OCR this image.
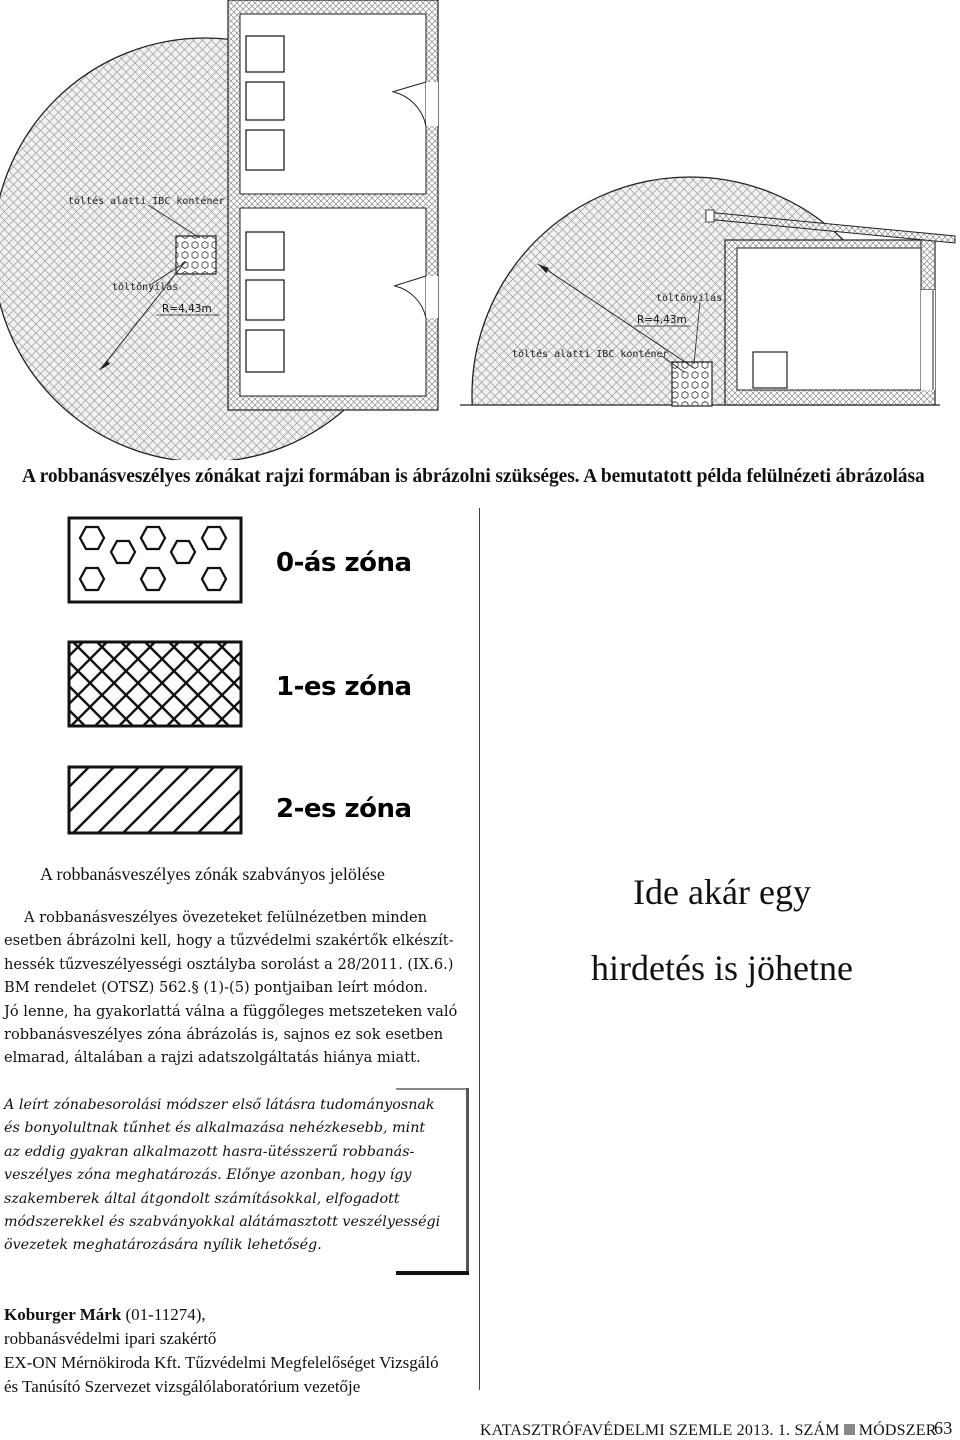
töltés alatti IBC konténer
töltőnyílás
R=4,43m
töltőnyílás
R=4,43m
töltés alatti IBC konténer
A robbanásveszélyes zónákat rajzi formában is ábrázolni szükséges. A bemutatott példa felülnézeti ábrázolása
0-ás zóna
1-es zóna
2-es zóna
A robbanásveszélyes zónák szabványos jelölése
A robbanásveszélyes övezeteket felülnézetben minden
esetben ábrázolni kell, hogy a tűzvédelmi szakértők elkészít-
hessék tűzveszélyességi osztályba sorolást a 28/2011. (IX.6.)
BM rendelet (OTSZ) 562.§ (1)-(5) pontjaiban leírt módon.
Jó lenne, ha gyakorlattá válna a függőleges metszeteken való
robbanásveszélyes zóna ábrázolás is, sajnos ez sok esetben
elmarad, általában a rajzi adatszolgáltatás hiánya miatt.
A leírt zónabesorolási módszer első látásra tudományosnak
és bonyolultnak tűnhet és alkalmazása nehézkesebb, mint
az eddig gyakran alkalmazott hasra-ütésszerű robbanás-
veszélyes zóna meghatározás. Előnye azonban, hogy így
szakemberek által átgondolt számításokkal, elfogadott
módszerekkel és szabványokkal alátámasztott veszélyességi
övezetek meghatározására nyílik lehetőség.
Koburger Márk (01-11274),
robbanásvédelmi ipari szakértő
EX-ON Mérnökiroda Kft. Tűzvédelmi Megfelelőséget Vizsgáló
és Tanúsító Szervezet vizsgálólaboratórium vezetője
Ide akár egy
hirdetés is jöhetne
KATASZTRÓFAVÉDELMI SZEMLE 2013. 1. SZÁM MÓDSZER
63
